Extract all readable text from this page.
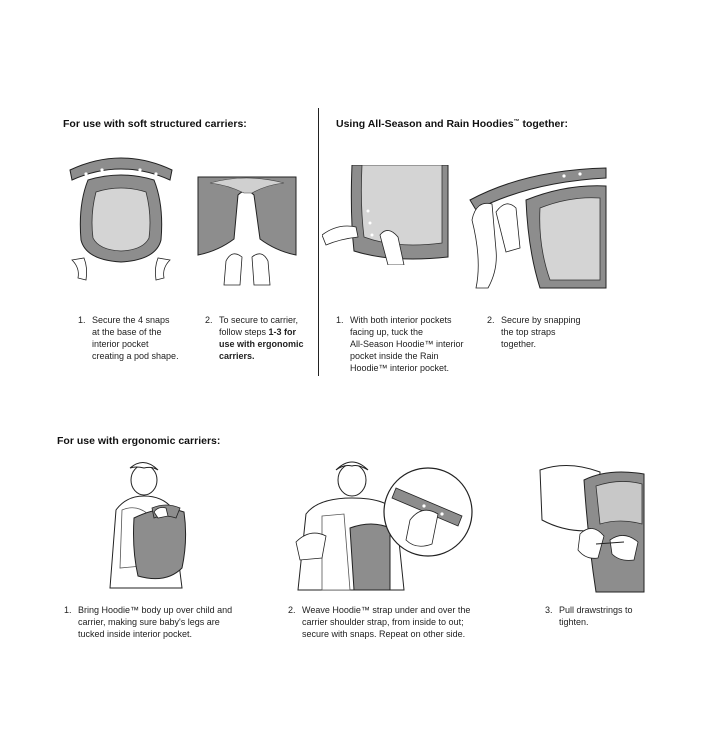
For use with soft structured carriers:	Using All-Season and Rain Hoodies™ together:
For use with ergonomic carriers:
1. Secure the 4 snaps
at the base of the
interior pocket
creating a pod shape.
2. To secure to carrier,
follow steps 1-3 for
use with ergonomic
carriers.
1. With both interior pockets
facing up, tuck the
All-Season Hoodie™ interior
pocket inside the Rain
Hoodie™ interior pocket.
2. Secure by snapping
the top straps
together.
1. Bring Hoodie™ body up over child and
carrier, making sure baby's legs are
tucked inside interior pocket.
2. Weave Hoodie™ strap under and over the
carrier shoulder strap, from inside to out;
secure with snaps. Repeat on other side.
3. Pull drawstrings to
tighten.
